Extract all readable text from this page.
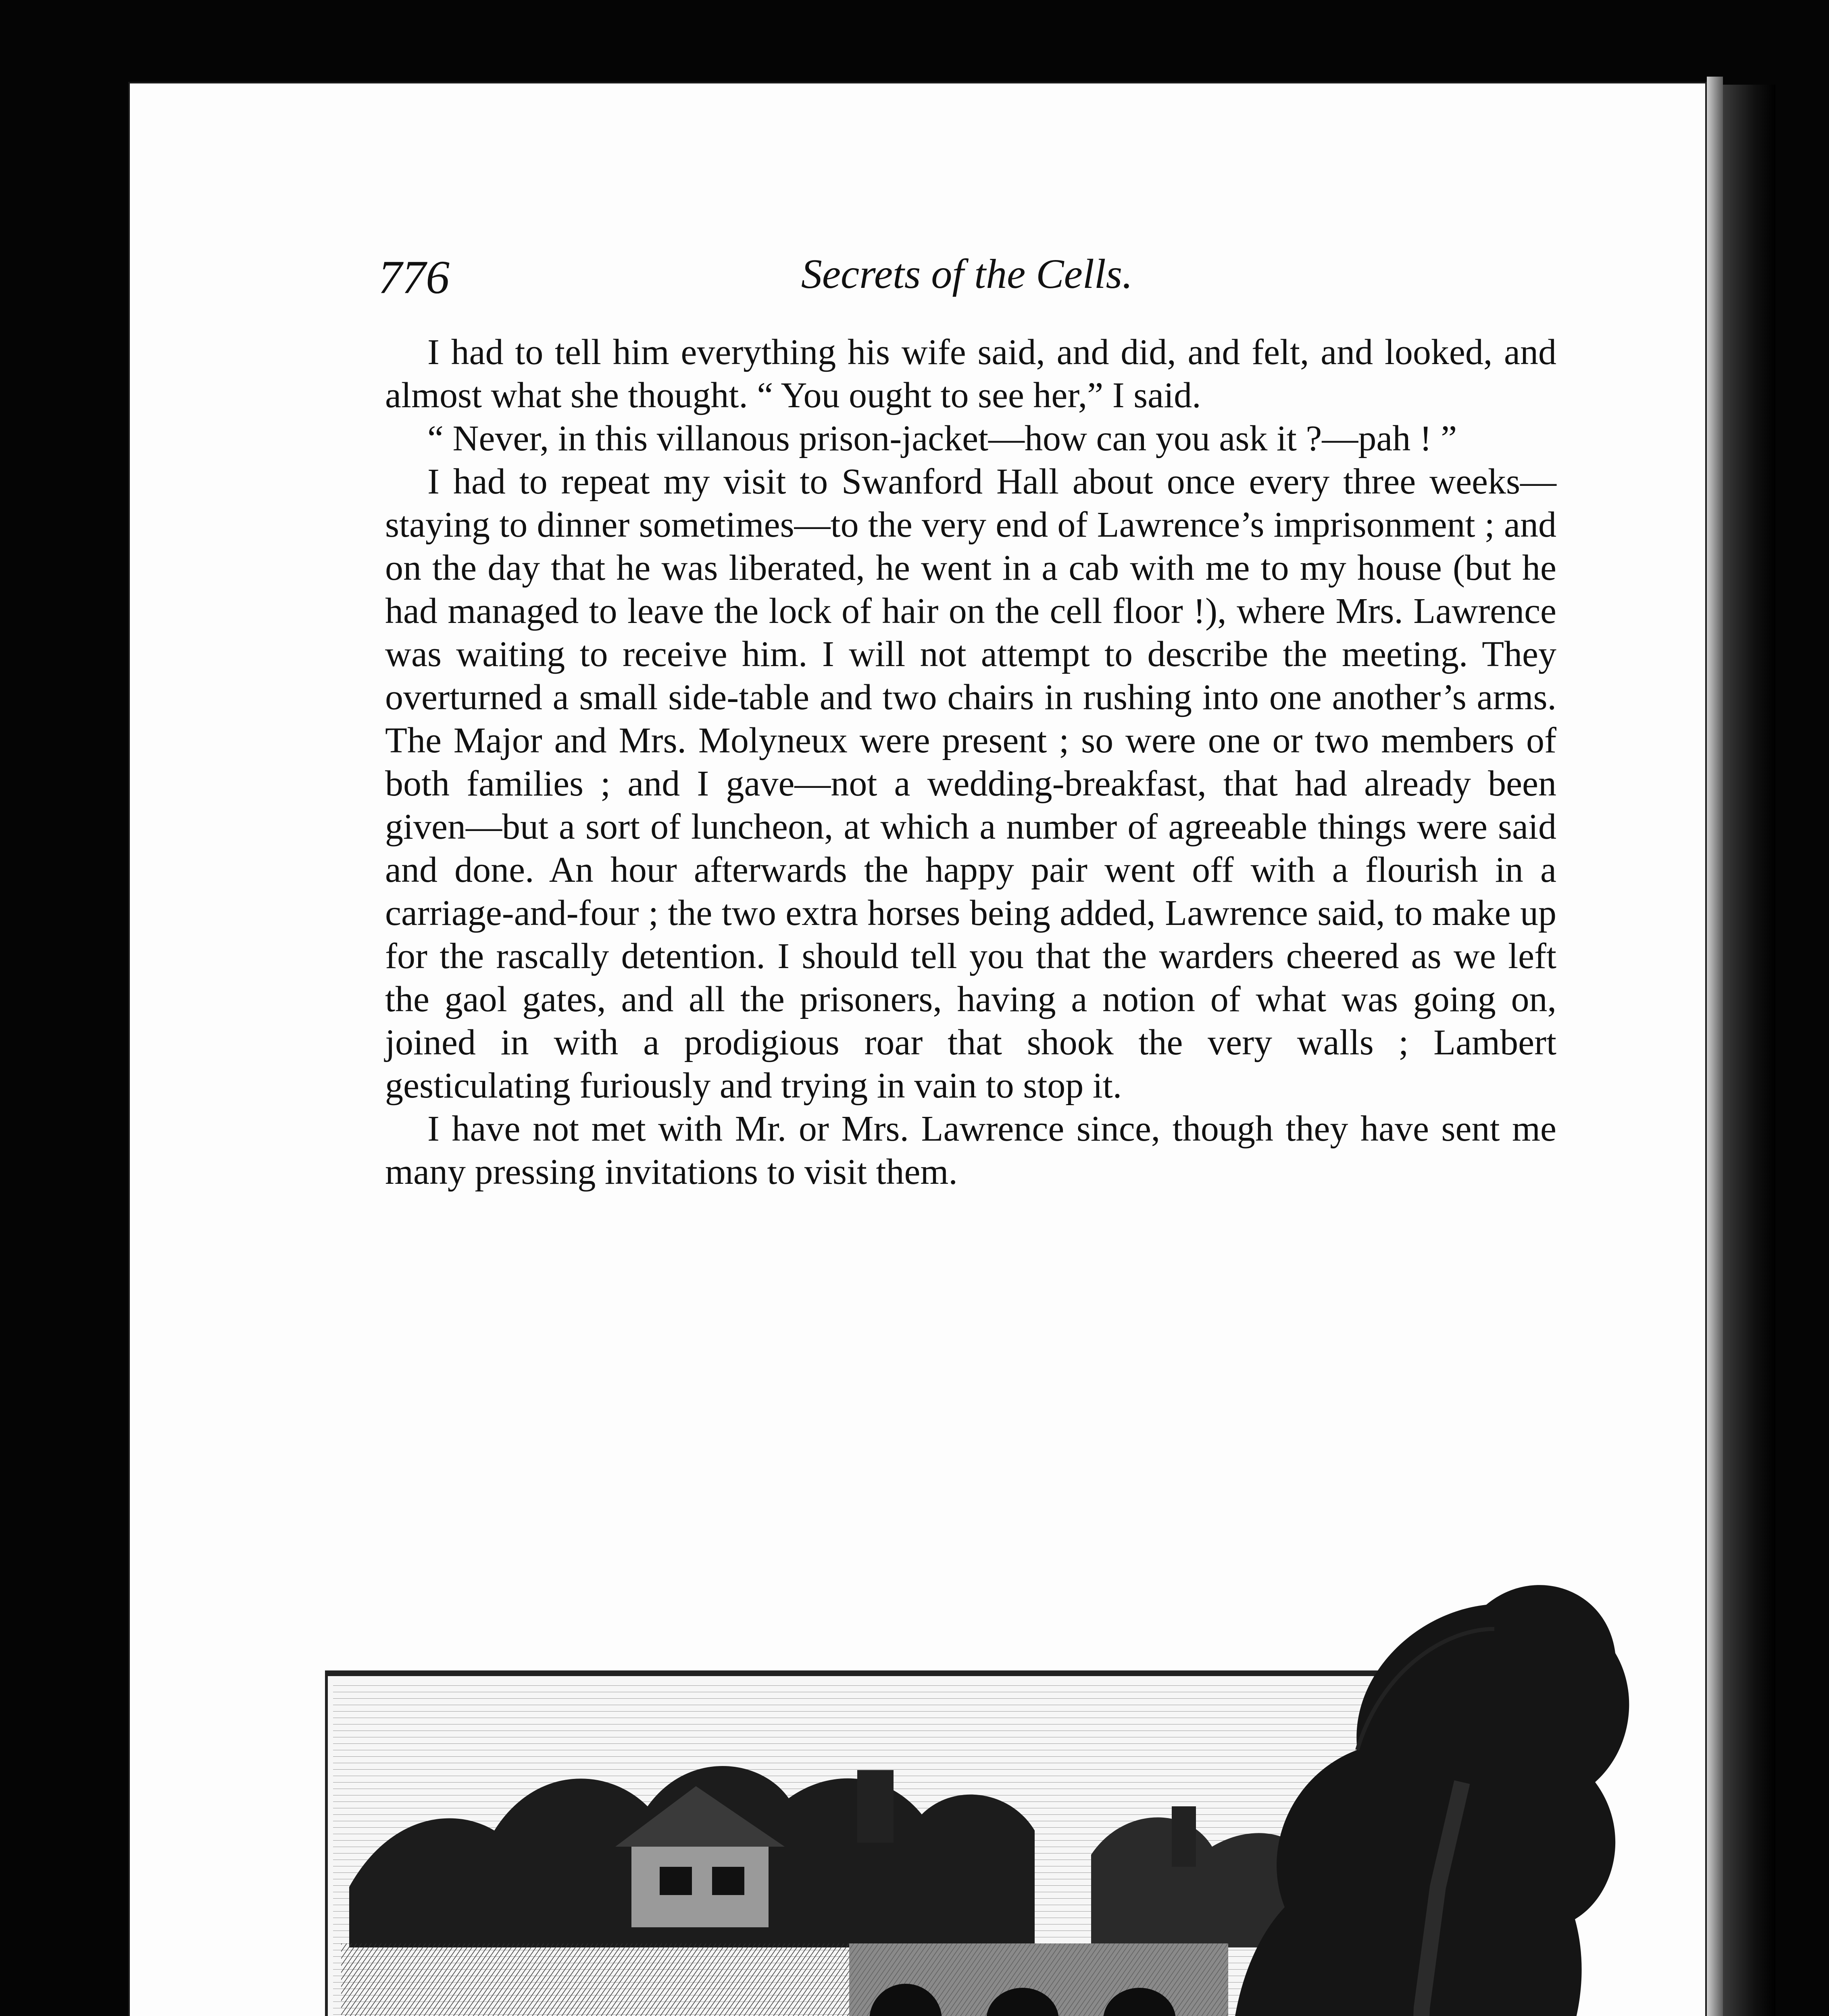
776	Secrets of the Cells.

I had to tell him everything his wife said, and did, and felt, and looked, and almost what she thought. “ You ought to see her,” I said.

“ Never, in this villanous prison-jacket—how can you ask it ?—pah ! ”

I had to repeat my visit to Swanford Hall about once every three weeks—staying to dinner sometimes—to the very end of Lawrence’s imprisonment ; and on the day that he was liberated, he went in a cab with me to my house (but he had managed to leave the lock of hair on the cell floor !), where Mrs. Lawrence was waiting to receive him. I will not attempt to describe the meeting. They overturned a small side-table and two chairs in rushing into one another’s arms. The Major and Mrs. Molyneux were present ; so were one or two members of both families ; and I gave—not a wedding-breakfast, that had already been given—but a sort of luncheon, at which a number of agreeable things were said and done. An hour afterwards the happy pair went off with a flourish in a carriage-and-four ; the two extra horses being added, Lawrence said, to make up for the rascally detention. I should tell you that the warders cheered as we left the gaol gates, and all the prisoners, having a notion of what was going on, joined in with a prodigious roar that shook the very walls ; Lambert gesticulating furiously and trying in vain to stop it.

I have not met with Mr. or Mrs. Lawrence since, though they have sent me many pressing invitations to visit them.
